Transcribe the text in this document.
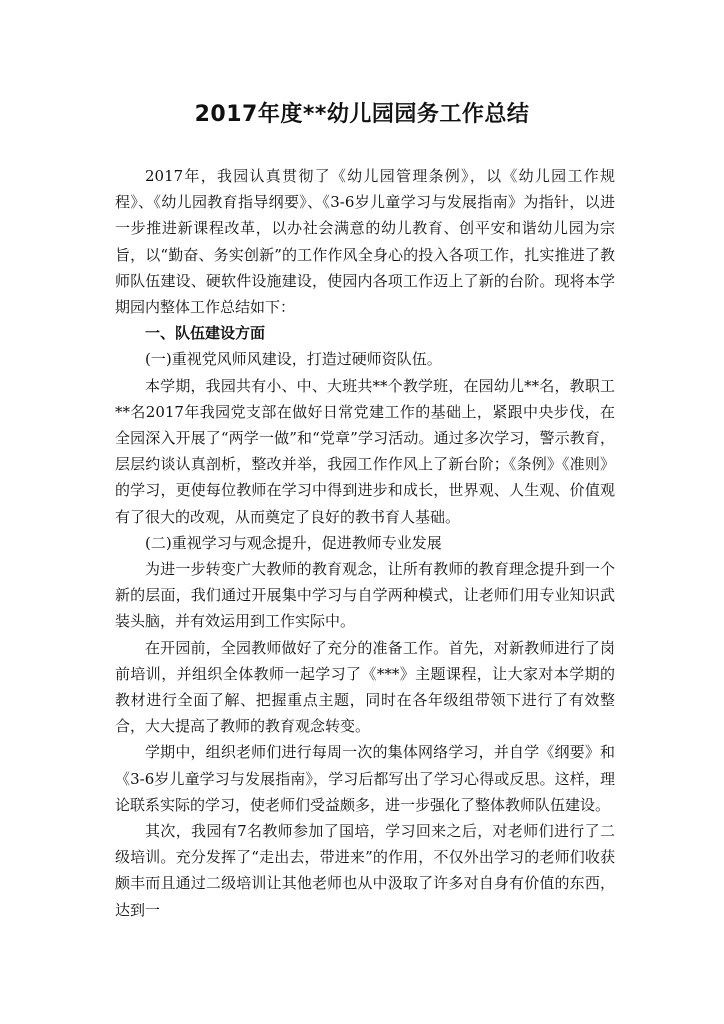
2017年度**幼儿园园务工作总结

2017年，我园认真贯彻了《幼儿园管理条例》，以《幼儿园工作规程》、《幼儿园教育指导纲要》、《3-6岁儿童学习与发展指南》为指针，以进一步推进新课程改革，以办社会满意的幼儿教育、创平安和谐幼儿园为宗旨，以“勤奋、务实创新”的工作作风全身心的投入各项工作，扎实推进了教师队伍建设、硬软件设施建设，使园内各项工作迈上了新的台阶。现将本学期园内整体工作总结如下：

一、队伍建设方面

(一)重视党风师风建设，打造过硬师资队伍。

本学期，我园共有小、中、大班共**个教学班，在园幼儿**名，教职工**名2017年我园党支部在做好日常党建工作的基础上，紧跟中央步伐，在全园深入开展了“两学一做”和“党章”学习活动。通过多次学习，警示教育，层层约谈认真剖析，整改并举，我园工作作风上了新台阶；《条例》《准则》的学习，更使每位教师在学习中得到进步和成长，世界观、人生观、价值观有了很大的改观，从而奠定了良好的教书育人基础。

(二)重视学习与观念提升，促进教师专业发展

为进一步转变广大教师的教育观念，让所有教师的教育理念提升到一个新的层面，我们通过开展集中学习与自学两种模式，让老师们用专业知识武装头脑，并有效运用到工作实际中。

在开园前，全园教师做好了充分的准备工作。首先，对新教师进行了岗前培训，并组织全体教师一起学习了《***》主题课程，让大家对本学期的教材进行全面了解、把握重点主题，同时在各年级组带领下进行了有效整合，大大提高了教师的教育观念转变。

学期中，组织老师们进行每周一次的集体网络学习，并自学《纲要》和《3-6岁儿童学习与发展指南》，学习后都写出了学习心得或反思。这样，理论联系实际的学习，使老师们受益颇多，进一步强化了整体教师队伍建设。

其次，我园有7名教师参加了国培，学习回来之后，对老师们进行了二级培训。充分发挥了“走出去，带进来”的作用，不仅外出学习的老师们收获颇丰而且通过二级培训让其他老师也从中汲取了许多对自身有价值的东西，达到一
